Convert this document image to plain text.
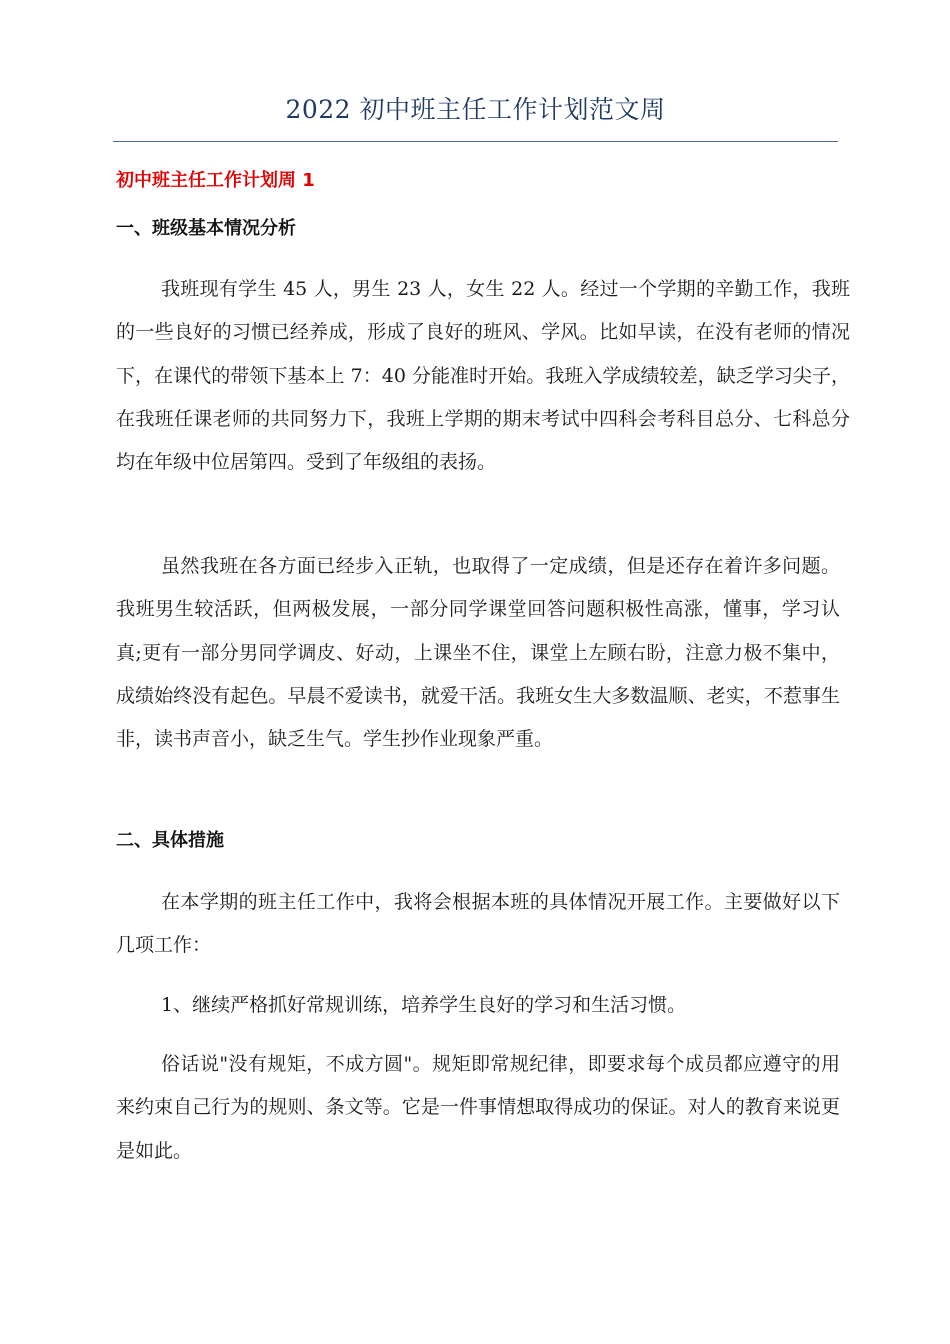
2022 初中班主任工作计划范文周
初中班主任工作计划周 1
一、班级基本情况分析

我班现有学生 45 人，男生 23 人，女生 22 人。经过一个学期的辛勤工作，我班的一些良好的习惯已经养成，形成了良好的班风、学风。比如早读，在没有老师的情况下，在课代的带领下基本上 7：40 分能准时开始。我班入学成绩较差，缺乏学习尖子，在我班任课老师的共同努力下，我班上学期的期末考试中四科会考科目总分、七科总分均在年级中位居第四。受到了年级组的表扬。

虽然我班在各方面已经步入正轨，也取得了一定成绩，但是还存在着许多问题。我班男生较活跃，但两极发展，一部分同学课堂回答问题积极性高涨，懂事，学习认真;更有一部分男同学调皮、好动，上课坐不住，课堂上左顾右盼，注意力极不集中，成绩始终没有起色。早晨不爱读书，就爱干活。我班女生大多数温顺、老实，不惹事生非，读书声音小，缺乏生气。学生抄作业现象严重。

二、具体措施

在本学期的班主任工作中，我将会根据本班的具体情况开展工作。主要做好以下几项工作：

1、继续严格抓好常规训练，培养学生良好的学习和生活习惯。

俗话说"没有规矩，不成方圆"。规矩即常规纪律，即要求每个成员都应遵守的用来约束自己行为的规则、条文等。它是一件事情想取得成功的保证。对人的教育来说更是如此。
